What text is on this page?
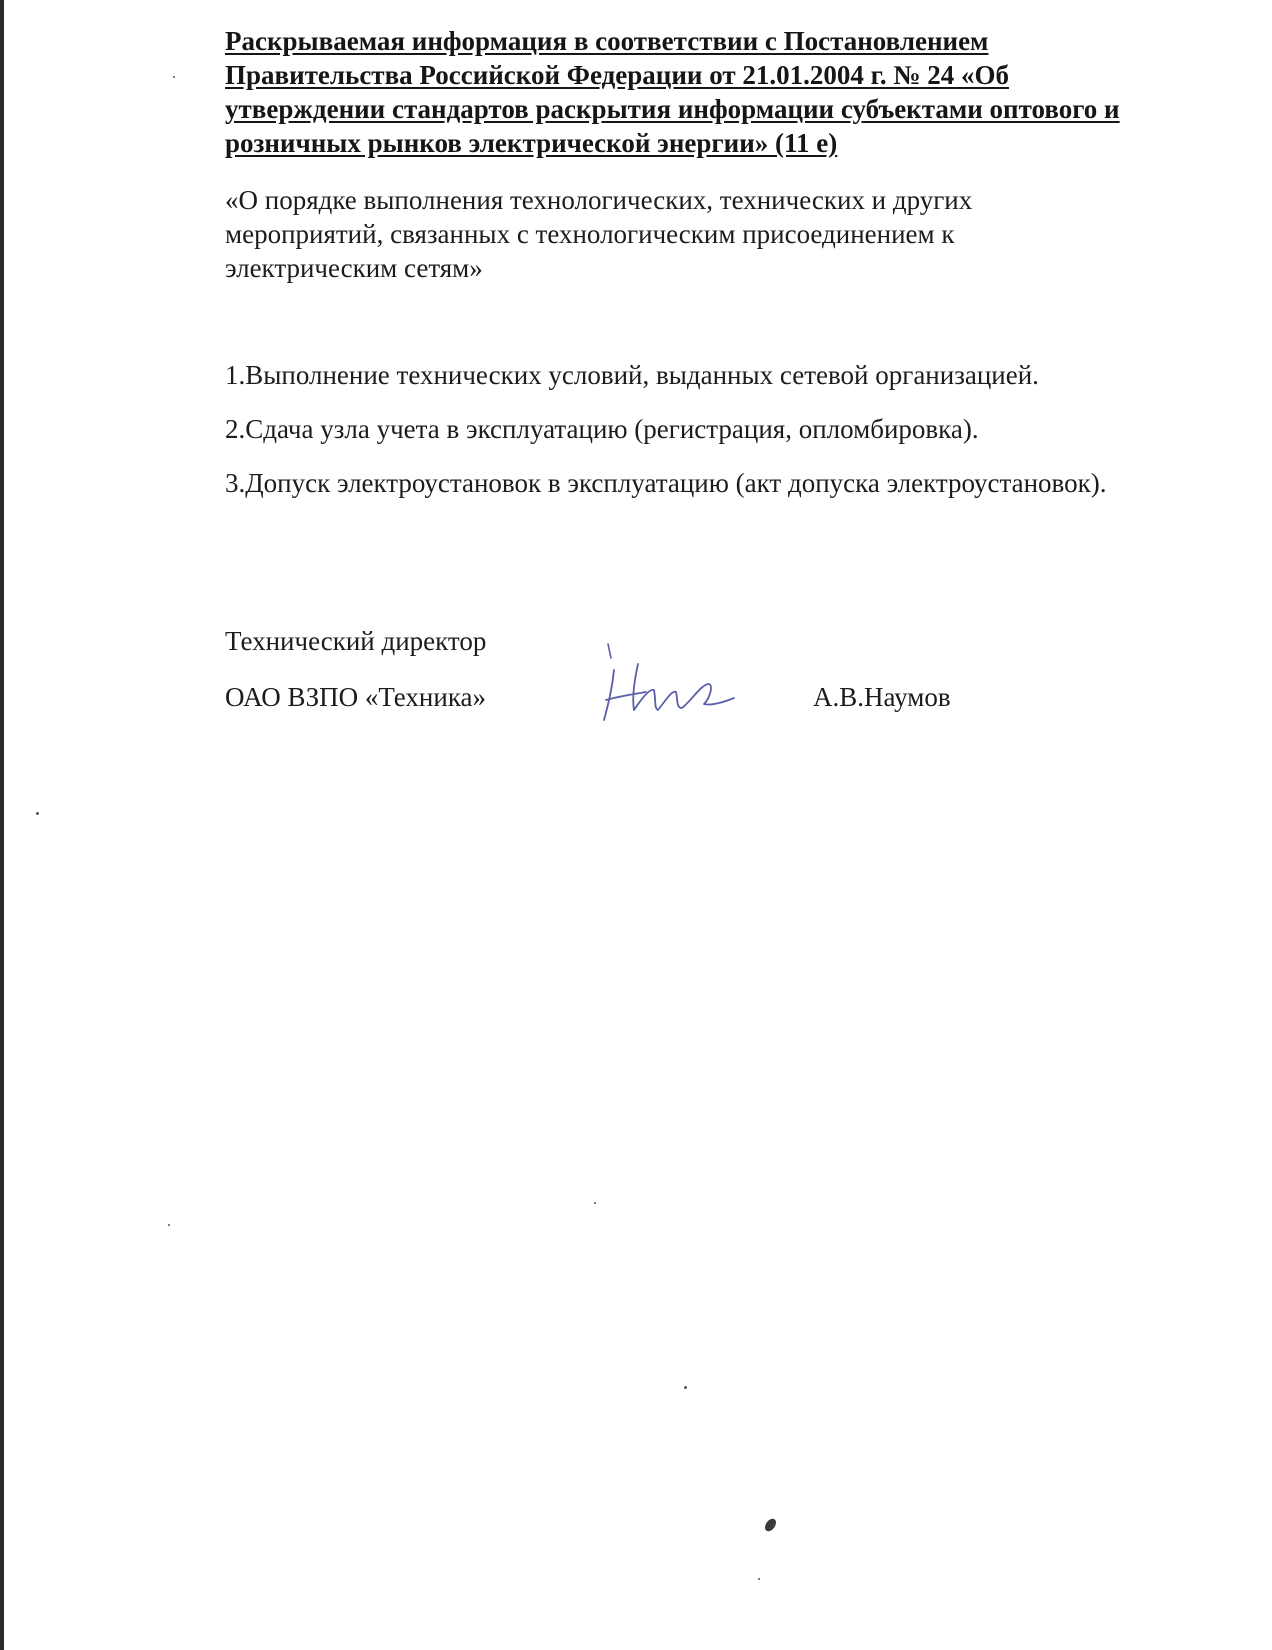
Раскрываемая информация в соответствии с Постановлением
Правительства Российской Федерации от 21.01.2004 г. № 24 «Об
утверждении стандартов раскрытия информации субъектами оптового и
розничных рынков электрической энергии» (11 е)

«О порядке выполнения технологических, технических и других
мероприятий, связанных с технологическим присоединением к
электрическим сетям»

1.Выполнение технических условий, выданных сетевой организацией.
2.Сдача узла учета в эксплуатацию (регистрация, опломбировка).
3.Допуск электроустановок в эксплуатацию (акт допуска электроустановок).
Технический директор
ОАО ВЗПО «Техника»	А.В.Наумов
